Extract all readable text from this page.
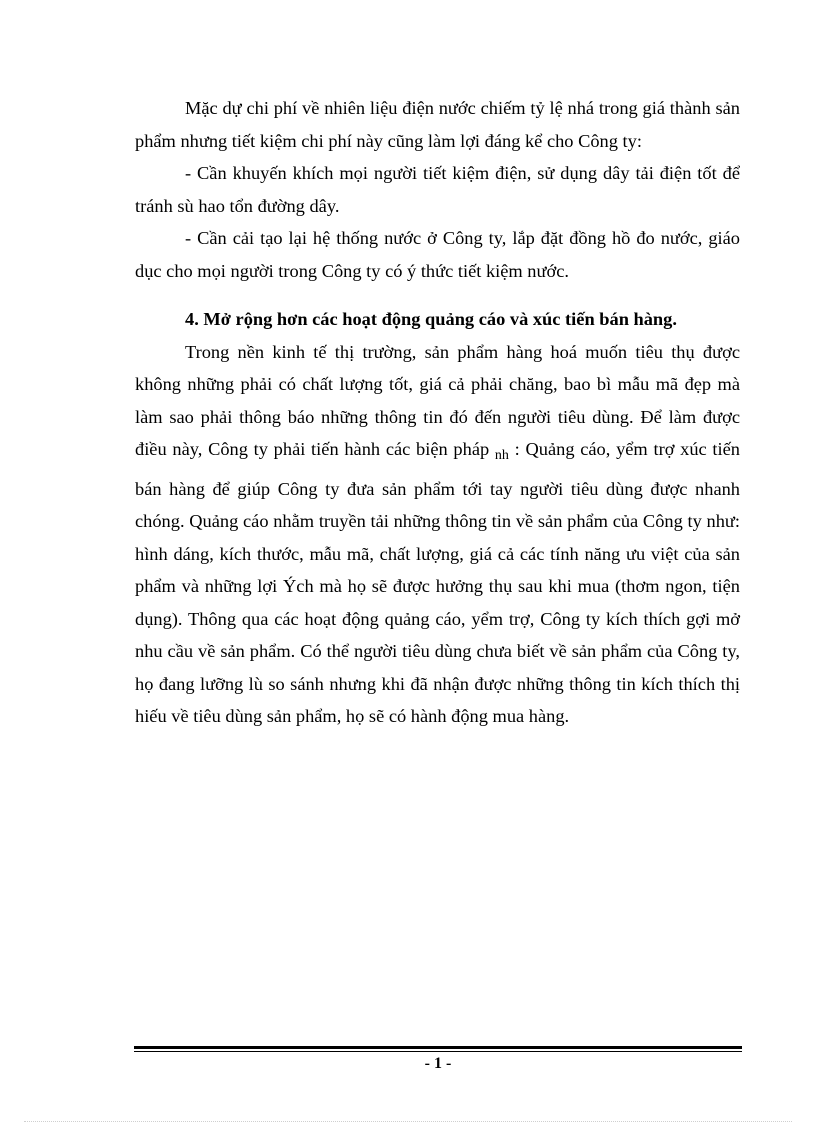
Mặc dự chi phí về nhiên liệu điện nước chiếm tỷ lệ nhá trong giá thành sản phẩm nhưng tiết kiệm chi phí này cũng làm lợi đáng kể cho Công ty:

- Cần khuyến khích mọi người tiết kiệm điện, sử dụng dây tải điện tốt để tránh sù hao tổn đường dây.

- Cần cải tạo lại hệ thống nước ở Công ty, lắp đặt đồng hồ đo nước, giáo dục cho mọi người trong Công ty có ý thức tiết kiệm nước.

4. Mở rộng hơn các hoạt động quảng cáo và xúc tiến bán hàng.

Trong nền kinh tế thị trường, sản phẩm hàng hoá muốn tiêu thụ được không những phải có chất lượng tốt, giá cả phải chăng, bao bì mẫu mã đẹp mà làm sao phải thông báo những thông tin đó đến người tiêu dùng. Để làm được điều này, Công ty phải tiến hành các biện pháp $_{nh}$ : Quảng cáo, yểm trợ xúc tiến bán hàng để giúp Công ty đưa sản phẩm tới tay người tiêu dùng được nhanh chóng. Quảng cáo nhằm truyền tải những thông tin về sản phẩm của Công ty như: hình dáng, kích thước, mẫu mã, chất lượng, giá cả các tính năng ưu việt của sản phẩm và những lợi Ých mà họ sẽ được hưởng thụ sau khi mua (thơm ngon, tiện dụng). Thông qua các hoạt động quảng cáo, yểm trợ, Công ty kích thích gợi mở nhu cầu về sản phẩm. Có thể người tiêu dùng chưa biết về sản phẩm của Công ty, họ đang lưỡng lù so sánh nhưng khi đã nhận được những thông tin kích thích thị hiếu về tiêu dùng sản phẩm, họ sẽ có hành động mua hàng.

- 1 -
